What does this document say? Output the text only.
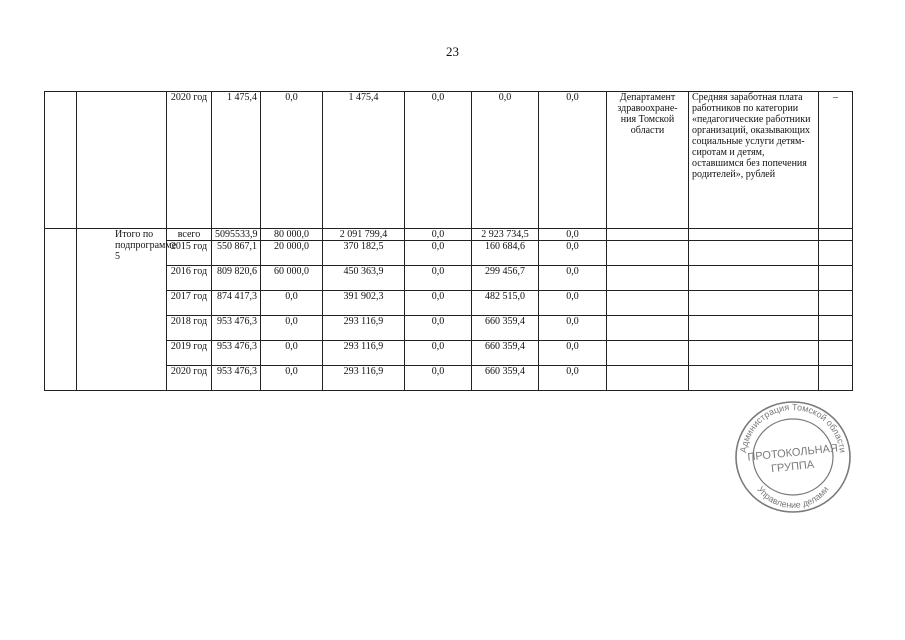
23
		2020 год	1 475,4	0,0	1 475,4	0,0	0,0	0,0	Департамент здравоохране-ния Томской области	Средняя заработная плата работников по категории «педагогические работники организаций, оказывающих социальные услуги детям-сиротам и детям, оставшимся без попечения родителей», рублей	–
	Итого по подпрограмме 5	всего	5095533,9	80 000,0	2 091 799,4	0,0	2 923 734,5	0,0			
		2015 год	550 867,1	20 000,0	370 182,5	0,0	160 684,6	0,0			
		2016 год	809 820,6	60 000,0	450 363,9	0,0	299 456,7	0,0			
		2017 год	874 417,3	0,0	391 902,3	0,0	482 515,0	0,0			
		2018 год	953 476,3	0,0	293 116,9	0,0	660 359,4	0,0			
		2019 год	953 476,3	0,0	293 116,9	0,0	660 359,4	0,0			
		2020 год	953 476,3	0,0	293 116,9	0,0	660 359,4	0,0			
Администрация Томской области
Управление делами
ПРОТОКОЛЬНАЯ
ГРУППА
